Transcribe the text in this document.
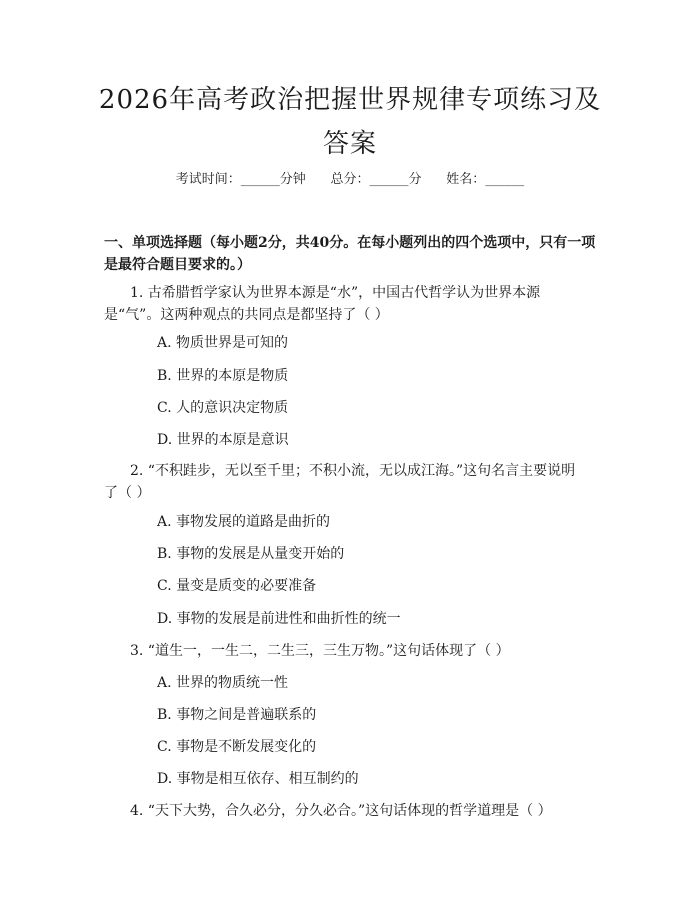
2026年高考政治把握世界规律专项练习及答案
考试时间：______分钟      总分：______分      姓名：______
一、单项选择题（每小题2分，共40分。在每小题列出的四个选项中，只有一项是最符合题目要求的。）
1. 古希腊哲学家认为世界本源是“水”，中国古代哲学认为世界本源是“气”。这两种观点的共同点是都坚持了（ ）
A. 物质世界是可知的
B. 世界的本原是物质
C. 人的意识决定物质
D. 世界的本原是意识
2. “不积跬步，无以至千里；不积小流，无以成江海。”这句名言主要说明了（ ）
A. 事物发展的道路是曲折的
B. 事物的发展是从量变开始的
C. 量变是质变的必要准备
D. 事物的发展是前进性和曲折性的统一
3. “道生一，一生二，二生三，三生万物。”这句话体现了（ ）
A. 世界的物质统一性
B. 事物之间是普遍联系的
C. 事物是不断发展变化的
D. 事物是相互依存、相互制约的
4. “天下大势，合久必分，分久必合。”这句话体现的哲学道理是（ ）
